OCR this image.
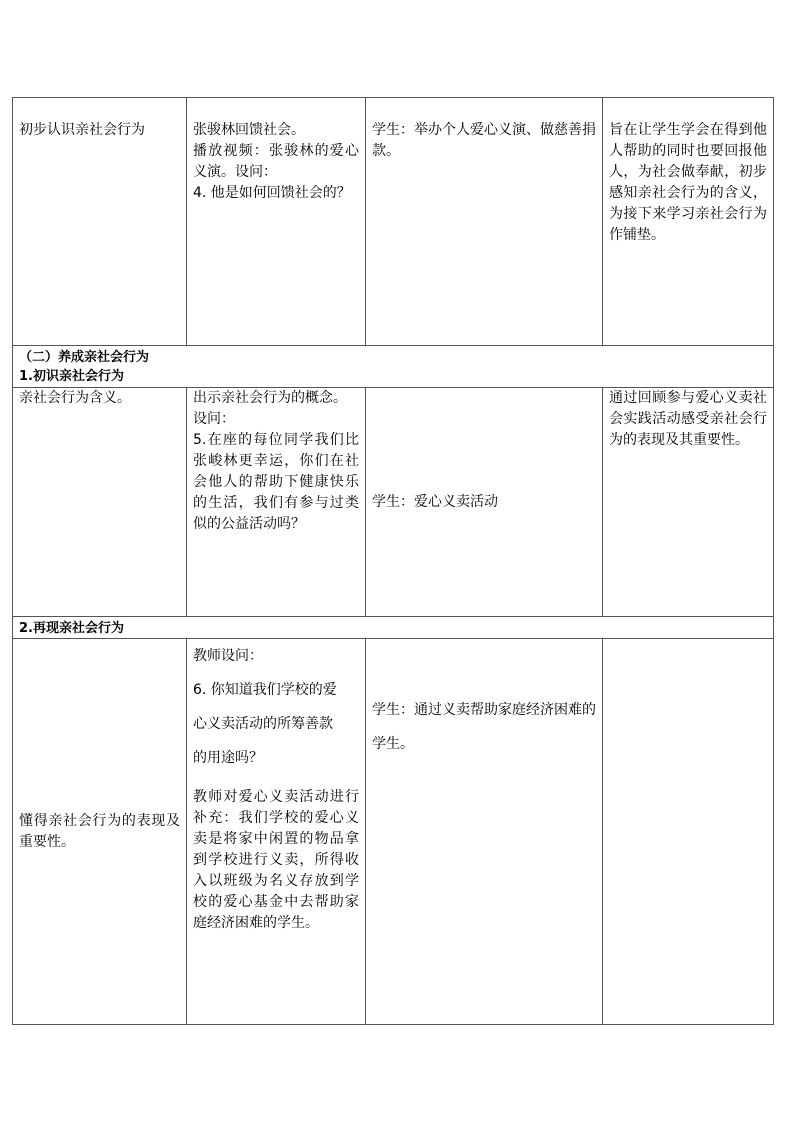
初步认识亲社会行为	张骏林回馈社会。

播放视频：张骏林的爱心义演。设问：

4. 他是如何回馈社会的？	学生：举办个人爱心义演、做慈善捐款。	旨在让学生学会在得到他人帮助的同时也要回报他人，为社会做奉献，初步感知亲社会行为的含义，为接下来学习亲社会行为作铺垫。

（二）养成亲社会行为

1.初识亲社会行为			

亲社会行为含义。	出示亲社会行为的概念。

设问：

5.在座的每位同学我们比张峻林更幸运，你们在社会他人的帮助下健康快乐的生活，我们有参与过类似的公益活动吗？	学生：爱心义卖活动	通过回顾参与爱心义卖社会实践活动感受亲社会行为的表现及其重要性。

2.再现亲社会行为			

懂得亲社会行为的表现及重要性。	教师设问：

6. 你知道我们学校的爱

心义卖活动的所筹善款

的用途吗？

教师对爱心义卖活动进行补充：我们学校的爱心义卖是将家中闲置的物品拿到学校进行义卖，所得收入以班级为名义存放到学校的爱心基金中去帮助家庭经济困难的学生。	学生：通过义卖帮助家庭经济困难的学生。	
